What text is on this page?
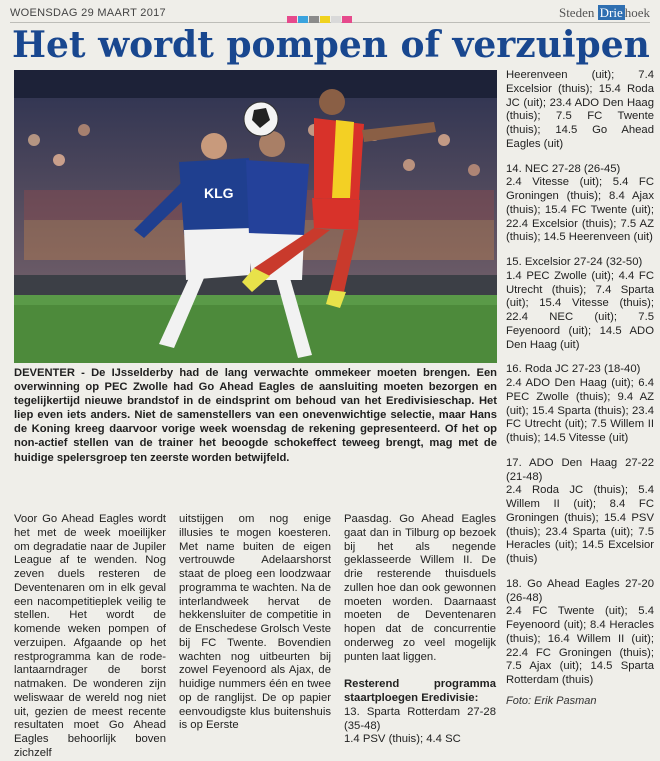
WOENSDAG 29 MAART 2017	Steden Drie hoek
Het wordt pompen of verzuipen
KLG

DEVENTER - De IJsselderby had de lang verwachte ommekeer moeten brengen. Een overwinning op PEC Zwolle had Go Ahead Eagles de aansluiting moeten bezorgen en tegelijkertijd nieuwe brandstof in de eindsprint om behoud van het Eredivisieschap. Het liep even iets anders. Niet de samenstellers van een onevenwichtige selectie, maar Hans de Koning kreeg daarvoor vorige week woensdag de rekening gepresenteerd. Of het op non-actief stellen van de trainer het beoogde schokeffect teweeg brengt, mag met de huidige spelersgroep ten zeerste worden betwijfeld.

Voor Go Ahead Eagles wordt het met de week moeilijker om degradatie naar de Jupiler League af te wenden. Nog zeven duels resteren de Deventenaren om in elk geval een nacompetitieplek veilig te stellen. Het wordt de komende weken pompen of verzuipen. Afgaande op het restprogramma kan de rode-lantaarndrager de borst natmaken. De wonderen zijn weliswaar de wereld nog niet uit, gezien de meest recente resultaten moet Go Ahead Eagles behoorlijk boven zichzelf

uitstijgen om nog enige illusies te mogen koesteren. Met name buiten de eigen vertrouwde Adelaarshorst staat de ploeg een loodzwaar programma te wachten. Na de interlandweek hervat de hekkensluiter de competitie in de Enschedese Grolsch Veste bij FC Twente. Bovendien wachten nog uitbeurten bij zowel Feyenoord als Ajax, de huidige nummers één en twee op de ranglijst. De op papier eenvoudigste klus buitenshuis is op Eerste

Paasdag. Go Ahead Eagles gaat dan in Tilburg op bezoek bij het als negende geklasseerde Willem II. De drie resterende thuisduels zullen hoe dan ook gewonnen moeten worden. Daarnaast moeten de Deventenaren hopen dat de concurrentie onderweg zo veel mogelijk punten laat liggen.

Resterend programma staartploegen Eredivisie:

13. Sparta Rotterdam 27-28 (35-48)

1.4 PSV (thuis); 4.4 SC

Heerenveen (uit); 7.4 Excelsior (thuis); 15.4 Roda JC (uit); 23.4 ADO Den Haag (thuis); 7.5 FC Twente (thuis); 14.5 Go Ahead Eagles (uit)

14. NEC 27-28 (26-45)

2.4 Vitesse (uit); 5.4 FC Groningen (thuis); 8.4 Ajax (thuis); 15.4 FC Twente (uit); 22.4 Excelsior (thuis); 7.5 AZ (thuis); 14.5 Heerenveen (uit)

15. Excelsior 27-24 (32-50)

1.4 PEC Zwolle (uit); 4.4 FC Utrecht (thuis); 7.4 Sparta (uit); 15.4 Vitesse (thuis); 22.4 NEC (uit); 7.5 Feyenoord (uit); 14.5 ADO Den Haag (uit)

16. Roda JC 27-23 (18-40)

2.4 ADO Den Haag (uit); 6.4 PEC Zwolle (thuis); 9.4 AZ (uit); 15.4 Sparta (thuis); 23.4 FC Utrecht (uit); 7.5 Willem II (thuis); 14.5 Vitesse (uit)

17. ADO Den Haag 27-22 (21-48)

2.4 Roda JC (thuis); 5.4 Willem II (uit); 8.4 FC Groningen (thuis); 15.4 PSV (thuis); 23.4 Sparta (uit); 7.5 Heracles (uit); 14.5 Excelsior (thuis)

18. Go Ahead Eagles 27-20 (26-48)

2.4 FC Twente (uit); 5.4 Feyenoord (uit); 8.4 Heracles (thuis); 16.4 Willem II (uit); 22.4 FC Groningen (thuis); 7.5 Ajax (uit); 14.5 Sparta Rotterdam (thuis)

Foto: Erik Pasman
